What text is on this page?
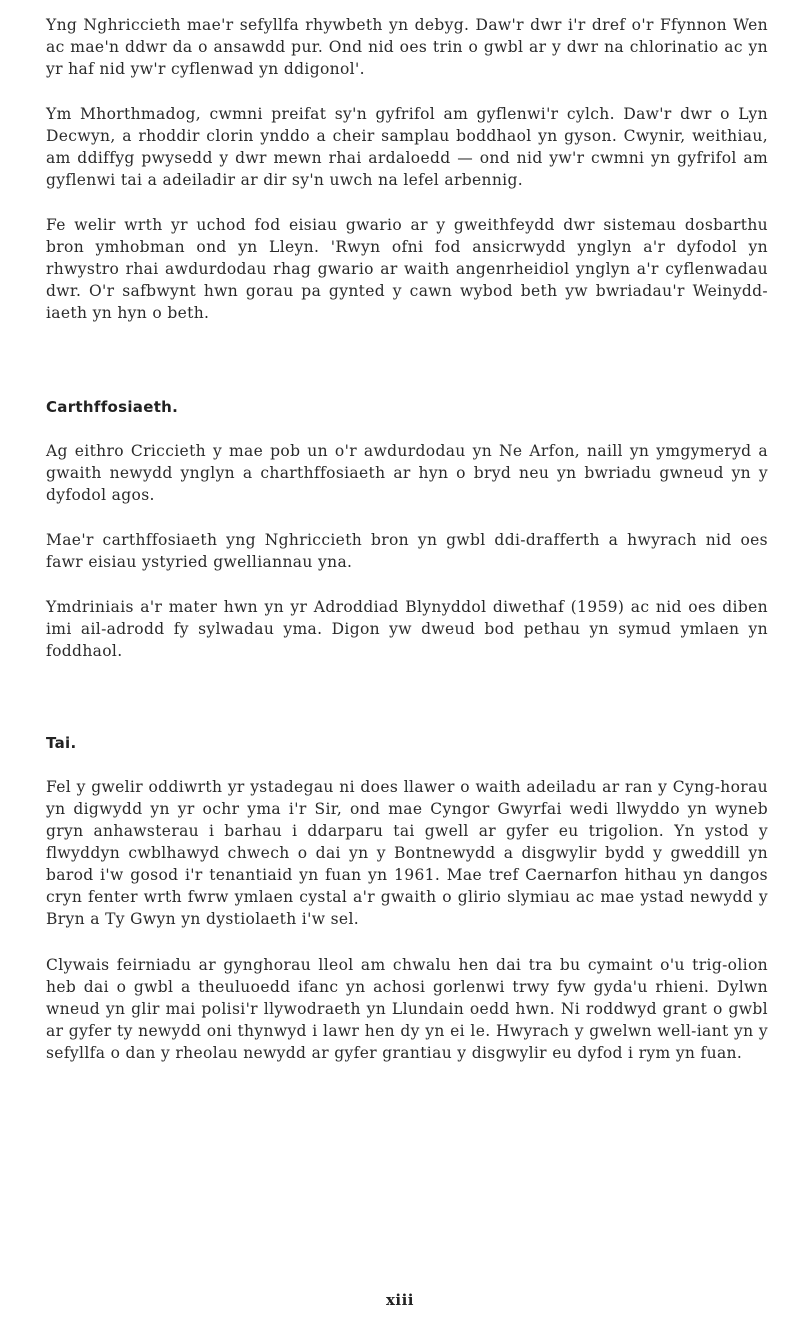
Yng Nghriccieth mae'r sefyllfa rhywbeth yn debyg. Daw'r dwr i'r dref o'r Ffynnon Wen ac mae'n ddwr da o ansawdd pur. Ond nid oes trin o gwbl ar y dwr na chlorinatio ac yn yr haf nid yw'r cyflenwad yn ddigonol'.

Ym Mhorthmadog, cwmni preifat sy'n gyfrifol am gyflenwi'r cylch. Daw'r dwr o Lyn Decwyn, a rhoddir clorin ynddo a cheir samplau boddhaol yn gyson. Cwynir, weithiau, am ddiffyg pwysedd y dwr mewn rhai ardaloedd — ond nid yw'r cwmni yn gyfrifol am gyflenwi tai a adeiladir ar dir sy'n uwch na lefel arbennig.

Fe welir wrth yr uchod fod eisiau gwario ar y gweithfeydd dwr sistemau dosbarthu bron ymhobman ond yn Lleyn. 'Rwyn ofni fod ansicrwydd ynglyn a'r dyfodol yn rhwystro rhai awdurdodau rhag gwario ar waith angenrheidiol ynglyn a'r cyflenwadau dwr. O'r safbwynt hwn gorau pa gynted y cawn wybod beth yw bwriadau'r Weinydd-iaeth yn hyn o beth.

Carthffosiaeth.

Ag eithro Criccieth y mae pob un o'r awdurdodau yn Ne Arfon, naill yn ymgymeryd a gwaith newydd ynglyn a charthffosiaeth ar hyn o bryd neu yn bwriadu gwneud yn y dyfodol agos.

Mae'r carthffosiaeth yng Nghriccieth bron yn gwbl ddi-drafferth a hwyrach nid oes fawr eisiau ystyried gwelliannau yna.

Ymdriniais a'r mater hwn yn yr Adroddiad Blynyddol diwethaf (1959) ac nid oes diben imi ail-adrodd fy sylwadau yma. Digon yw dweud bod pethau yn symud ymlaen yn foddhaol.

Tai.

Fel y gwelir oddiwrth yr ystadegau ni does llawer o waith adeiladu ar ran y Cyng-horau yn digwydd yn yr ochr yma i'r Sir, ond mae Cyngor Gwyrfai wedi llwyddo yn wyneb gryn anhawsterau i barhau i ddarparu tai gwell ar gyfer eu trigolion. Yn ystod y flwyddyn cwblhawyd chwech o dai yn y Bontnewydd a disgwylir bydd y gweddill yn barod i'w gosod i'r tenantiaid yn fuan yn 1961. Mae tref Caernarfon hithau yn dangos cryn fenter wrth fwrw ymlaen cystal a'r gwaith o glirio slymiau ac mae ystad newydd y Bryn a Ty Gwyn yn dystiolaeth i'w sel.

Clywais feirniadu ar gynghorau lleol am chwalu hen dai tra bu cymaint o'u trig-olion heb dai o gwbl a theuluoedd ifanc yn achosi gorlenwi trwy fyw gyda'u rhieni. Dylwn wneud yn glir mai polisi'r llywodraeth yn Llundain oedd hwn. Ni roddwyd grant o gwbl ar gyfer ty newydd oni thynwyd i lawr hen dy yn ei le. Hwyrach y gwelwn well-iant yn y sefyllfa o dan y rheolau newydd ar gyfer grantiau y disgwylir eu dyfod i rym yn fuan.

xiii
